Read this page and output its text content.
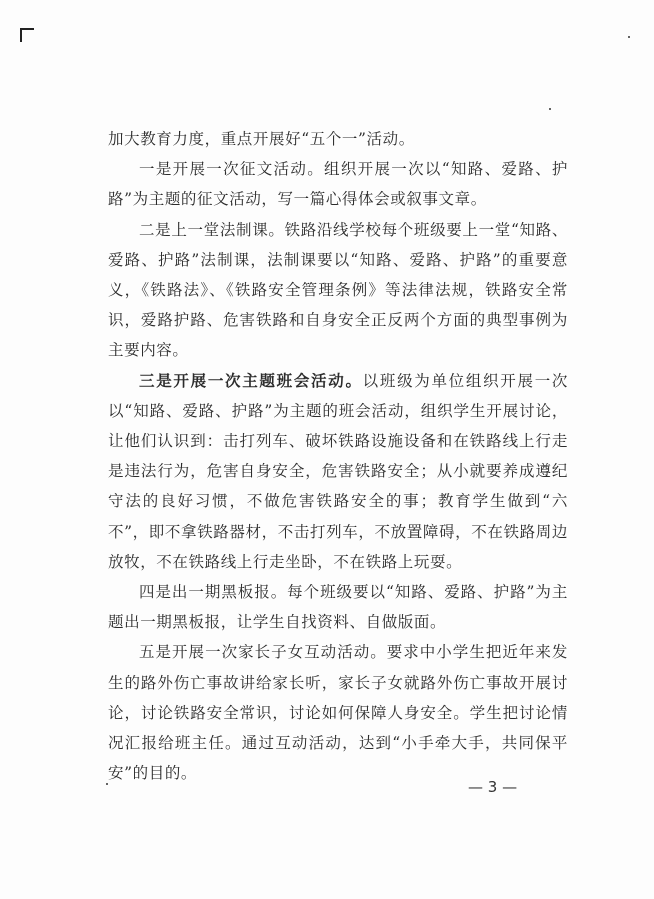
加大教育力度，重点开展好“五个一”活动。

一是开展一次征文活动。组织开展一次以“知路、爱路、护路”为主题的征文活动，写一篇心得体会或叙事文章。

二是上一堂法制课。铁路沿线学校每个班级要上一堂“知路、爱路、护路”法制课，法制课要以“知路、爱路、护路”的重要意义，《铁路法》、《铁路安全管理条例》等法律法规，铁路安全常识，爱路护路、危害铁路和自身安全正反两个方面的典型事例为主要内容。

三是开展一次主题班会活动。以班级为单位组织开展一次以“知路、爱路、护路”为主题的班会活动，组织学生开展讨论，让他们认识到：击打列车、破坏铁路设施设备和在铁路线上行走是违法行为，危害自身安全，危害铁路安全；从小就要养成遵纪守法的良好习惯，不做危害铁路安全的事；教育学生做到“六不”，即不拿铁路器材，不击打列车，不放置障碍，不在铁路周边放牧，不在铁路线上行走坐卧，不在铁路上玩耍。

四是出一期黑板报。每个班级要以“知路、爱路、护路”为主题出一期黑板报，让学生自找资料、自做版面。

五是开展一次家长子女互动活动。要求中小学生把近年来发生的路外伤亡事故讲给家长听，家长子女就路外伤亡事故开展讨论，讨论铁路安全常识，讨论如何保障人身安全。学生把讨论情况汇报给班主任。通过互动活动，达到“小手牵大手，共同保平安”的目的。

— 3 —
